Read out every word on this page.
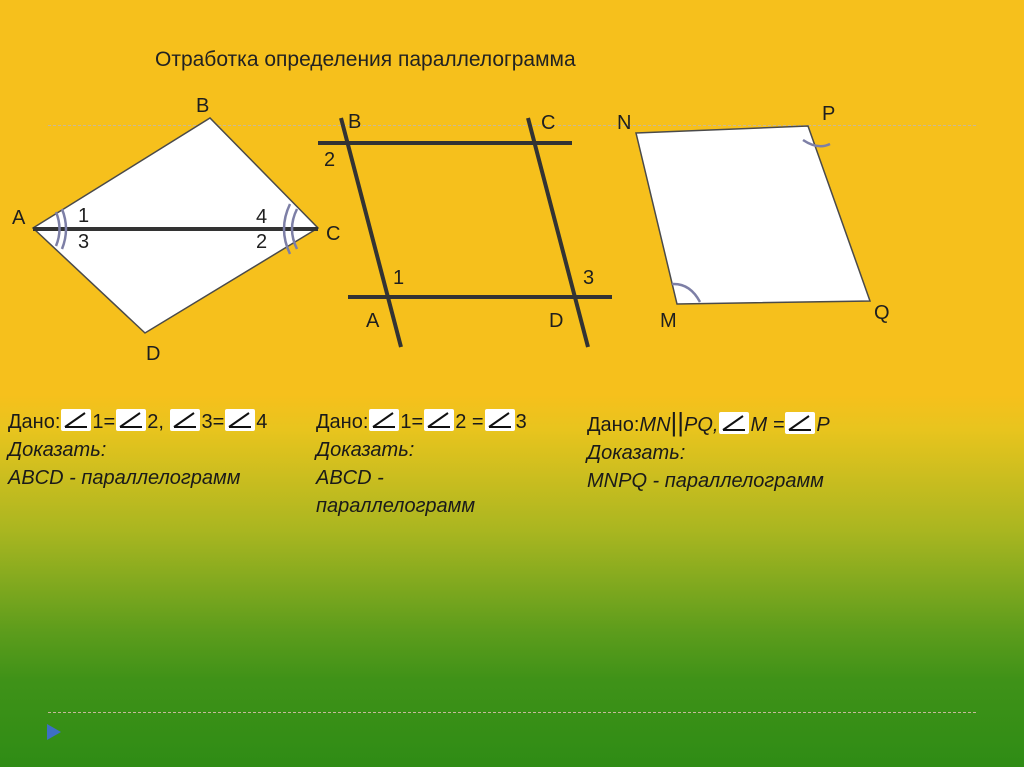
Отработка определения параллелограмма
B
A
C
D
1
3
4
2
B	C
A	D
2
1	3
N	P
M	Q
Дано: 1= 2, 3= 4
Доказать:
ABCD - параллелограмм
Дано: 1= 2 = 3
Доказать:
ABCD -
параллелограмм
Дано:MN||PQ, M = P
Доказать:
MNPQ - параллелограмм
